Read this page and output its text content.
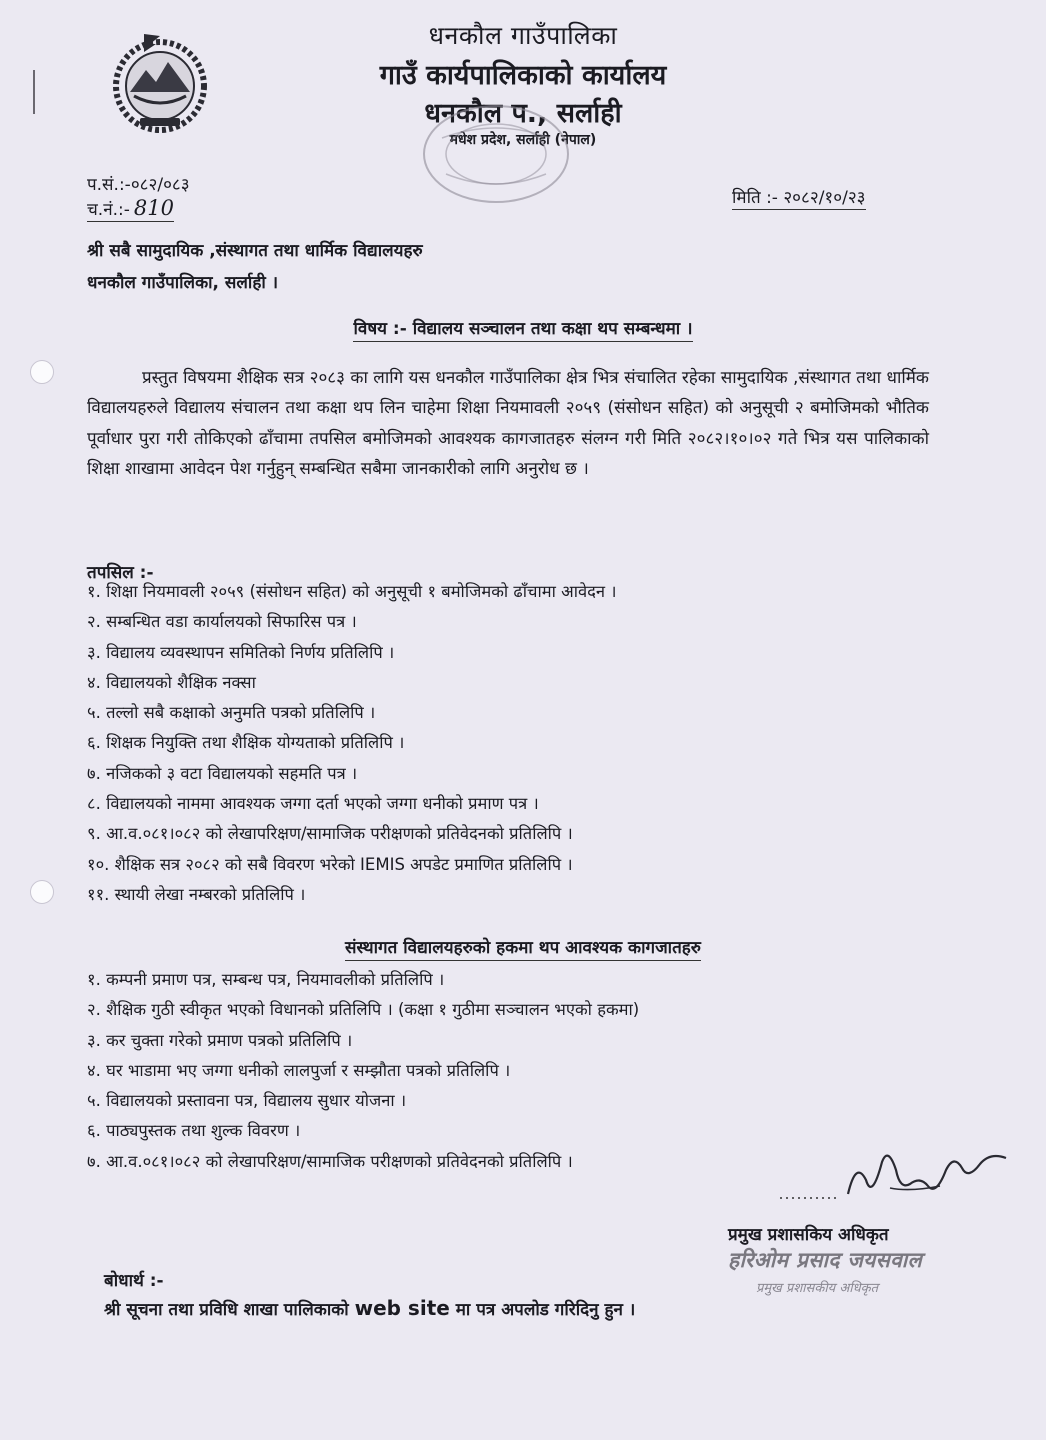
धनकौल गाउँपालिका
गाउँ कार्यपालिकाको कार्यालय
धनकौल प., सर्लाही
मधेश प्रदेश, सर्लाही (नेपाल)
प.सं.:-०८२/०८३
च.नं.:- 810	मिति :- २०८२/१०/२३
श्री सबै सामुदायिक ,संस्थागत तथा धार्मिक विद्यालयहरु
धनकौल गाउँपालिका, सर्लाही ।
विषय :- विद्यालय सञ्चालन तथा कक्षा थप सम्बन्धमा ।
प्रस्तुत विषयमा शैक्षिक सत्र २०८३ का लागि यस धनकौल गाउँपालिका क्षेत्र भित्र संचालित रहेका सामुदायिक ,संस्थागत तथा धार्मिक विद्यालयहरुले विद्यालय संचालन तथा कक्षा थप लिन चाहेमा शिक्षा नियमावली २०५९ (संसोधन सहित) को अनुसूची २ बमोजिमको भौतिक पूर्वाधार पुरा गरी तोकिएको ढाँचामा तपसिल बमोजिमको आवश्यक कागजातहरु संलग्न गरी मिति २०८२।१०।०२ गते भित्र यस पालिकाको शिक्षा शाखामा आवेदन पेश गर्नुहुन् सम्बन्धित सबैमा जानकारीको लागि अनुरोध छ ।
तपसिल :-
१. शिक्षा नियमावली २०५९ (संसोधन सहित) को अनुसूची १ बमोजिमको ढाँचामा आवेदन ।
२. सम्बन्धित वडा कार्यालयको सिफारिस पत्र ।
३. विद्यालय व्यवस्थापन समितिको निर्णय प्रतिलिपि ।
४. विद्यालयको शैक्षिक नक्सा
५. तल्लो सबै कक्षाको अनुमति पत्रको प्रतिलिपि ।
६. शिक्षक नियुक्ति तथा शैक्षिक योग्यताको प्रतिलिपि ।
७. नजिकको ३ वटा विद्यालयको सहमति पत्र ।
८. विद्यालयको नाममा आवश्यक जग्गा दर्ता भएको जग्गा धनीको प्रमाण पत्र ।
९. आ.व.०८१।०८२ को लेखापरिक्षण/सामाजिक परीक्षणको प्रतिवेदनको प्रतिलिपि ।
१०. शैक्षिक सत्र २०८२ को सबै विवरण भरेको IEMIS अपडेट प्रमाणित प्रतिलिपि ।
११. स्थायी लेखा नम्बरको प्रतिलिपि ।
संस्थागत विद्यालयहरुको हकमा थप आवश्यक कागजातहरु
१. कम्पनी प्रमाण पत्र, सम्बन्ध पत्र, नियमावलीको प्रतिलिपि ।
२. शैक्षिक गुठी स्वीकृत भएको विधानको प्रतिलिपि । (कक्षा १ गुठीमा सञ्चालन भएको हकमा)
३. कर चुक्ता गरेको प्रमाण पत्रको प्रतिलिपि ।
४. घर भाडामा भए जग्गा धनीको लालपुर्जा र सम्झौता पत्रको प्रतिलिपि ।
५. विद्यालयको प्रस्तावना पत्र, विद्यालय सुधार योजना ।
६. पाठ्यपुस्तक तथा शुल्क विवरण ।
७. आ.व.०८१।०८२ को लेखापरिक्षण/सामाजिक परीक्षणको प्रतिवेदनको प्रतिलिपि ।
प्रमुख प्रशासकिय अधिकृत
हरिओम प्रसाद जयसवाल
प्रमुख प्रशासकीय अधिकृत
बोधार्थ :-
श्री सूचना तथा प्रविधि शाखा पालिकाको web site मा पत्र अपलोड गरिदिनु हुन ।
